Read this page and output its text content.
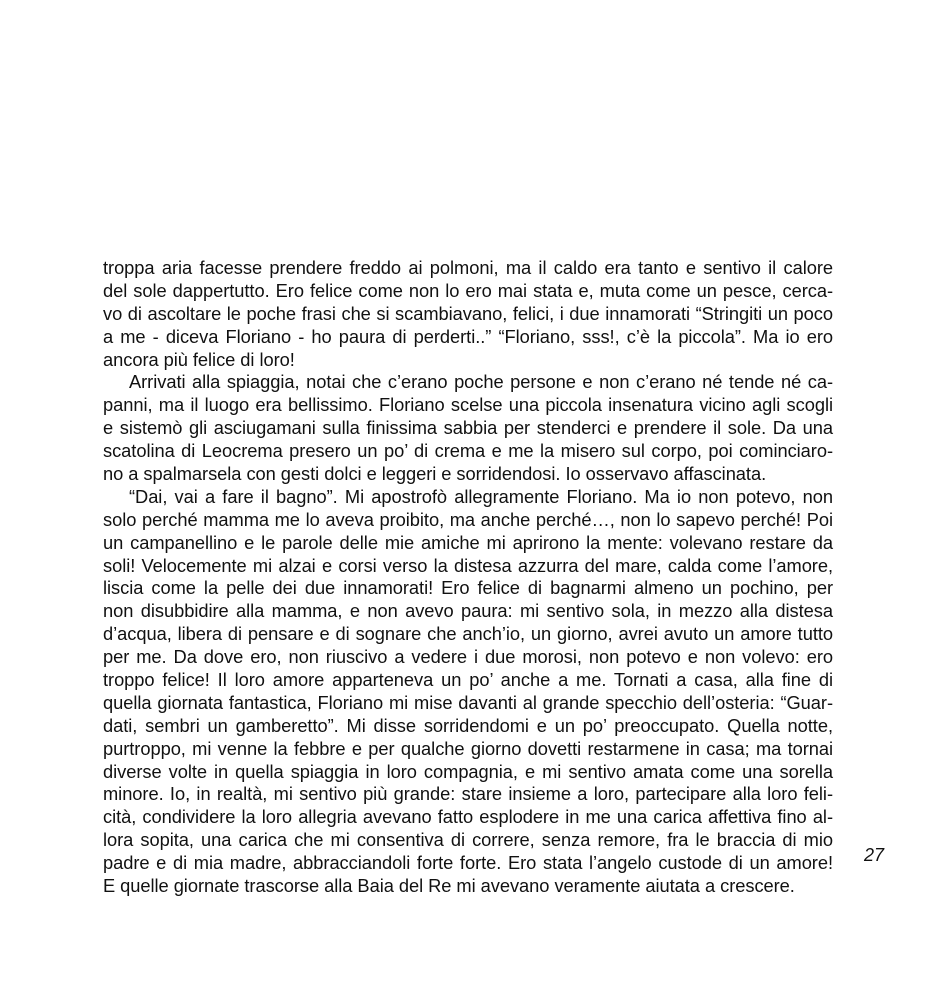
troppa aria facesse prendere freddo ai polmoni, ma il caldo era tanto e sentivo il calore
del sole dappertutto. Ero felice come non lo ero mai stata e, muta come un pesce, cerca-
vo di ascoltare le poche frasi che si scambiavano, felici, i due innamorati “Stringiti un poco
a me - diceva Floriano - ho paura di perderti..” “Floriano, sss!, c’è la piccola”. Ma io ero
ancora più felice di loro!
Arrivati alla spiaggia, notai che c’erano poche persone e non c’erano né tende né ca-
panni, ma il luogo era bellissimo. Floriano scelse una piccola insenatura vicino agli scogli
e sistemò gli asciugamani sulla finissima sabbia per stenderci e prendere il sole. Da una
scatolina di Leocrema presero un po’ di crema e me la misero sul corpo, poi cominciaro-
no a spalmarsela con gesti dolci e leggeri e sorridendosi. Io osservavo affascinata.
“Dai, vai a fare il bagno”. Mi apostrofò allegramente Floriano. Ma io non potevo, non
solo perché mamma me lo aveva proibito, ma anche perché…, non lo sapevo perché! Poi
un campanellino e le parole delle mie amiche mi aprirono la mente: volevano restare da
soli! Velocemente mi alzai e corsi verso la distesa azzurra del mare, calda come l’amore,
liscia come la pelle dei due innamorati! Ero felice di bagnarmi almeno un pochino, per
non disubbidire alla mamma, e non avevo paura: mi sentivo sola, in mezzo alla distesa
d’acqua, libera di pensare e di sognare che anch’io, un giorno, avrei avuto un amore tutto
per me. Da dove ero, non riuscivo a vedere i due morosi, non potevo e non volevo: ero
troppo felice! Il loro amore apparteneva un po’ anche a me. Tornati a casa, alla fine di
quella giornata fantastica, Floriano mi mise davanti al grande specchio dell’osteria: “Guar-
dati, sembri un gamberetto”. Mi disse sorridendomi e un po’ preoccupato. Quella notte,
purtroppo, mi venne la febbre e per qualche giorno dovetti restarmene in casa; ma tornai
diverse volte in quella spiaggia in loro compagnia, e mi sentivo amata come una sorella
minore. Io, in realtà, mi sentivo più grande: stare insieme a loro, partecipare alla loro feli-
cità, condividere la loro allegria avevano fatto esplodere in me una carica affettiva fino al-
lora sopita, una carica che mi consentiva di correre, senza remore, fra le braccia di mio
padre e di mia madre, abbracciandoli forte forte. Ero stata l’angelo custode di un amore!
E quelle giornate trascorse alla Baia del Re mi avevano veramente aiutata a crescere.
27
